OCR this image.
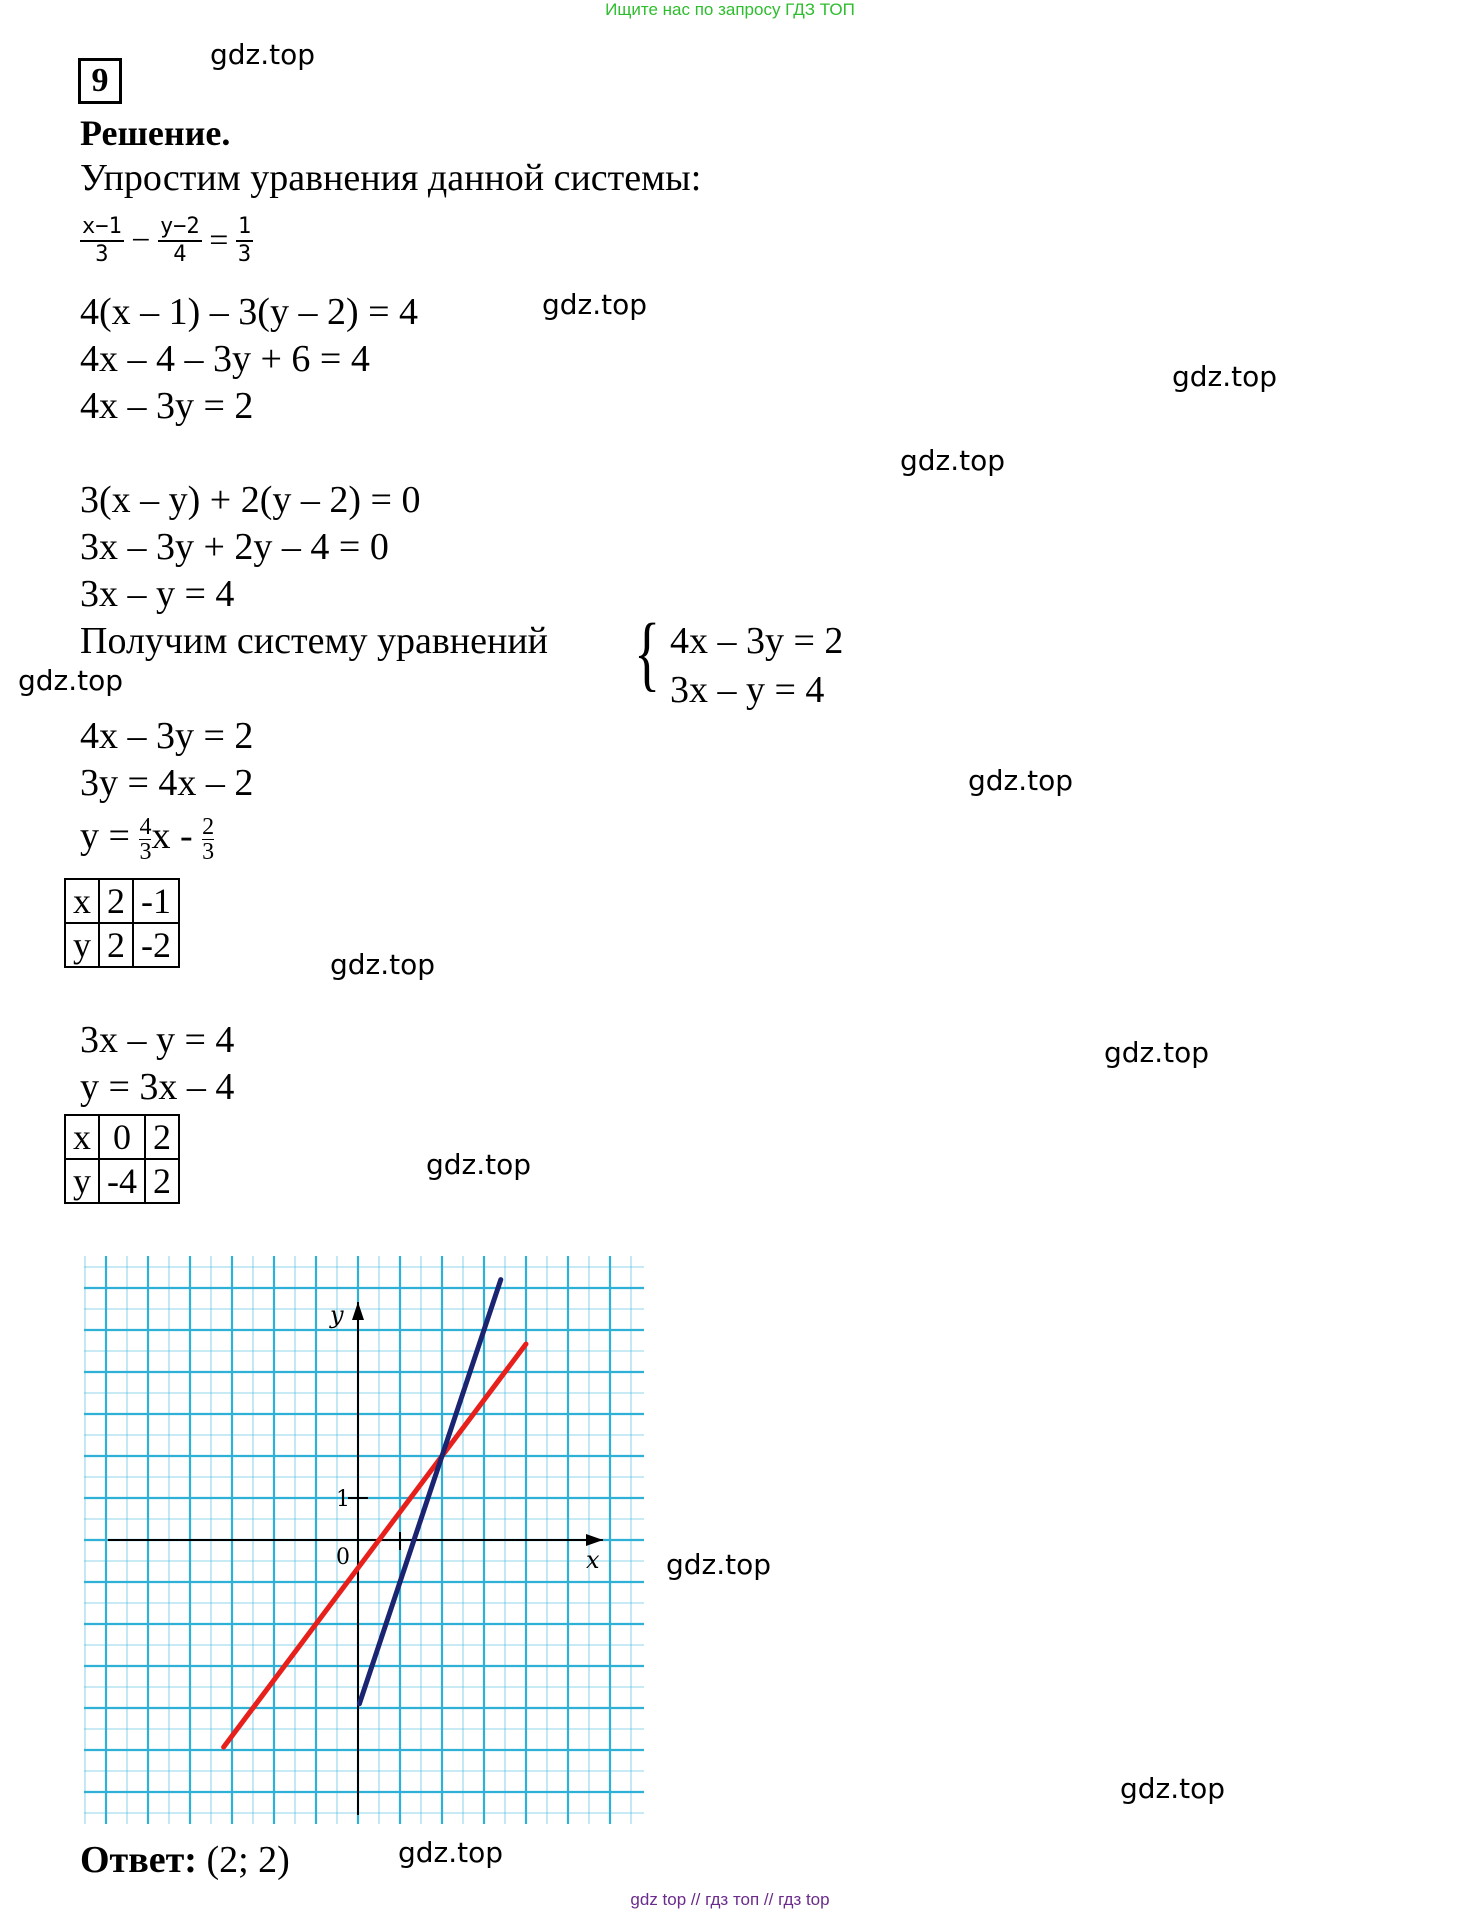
Ищите нас по запросу ГДЗ ТОП
9
Решение.
Упростим уравнения данной системы:
$\frac{x-1}{3} - \frac{y-2}{4} = \frac{1}{3}$
4(x – 1) – 3(y – 2) = 4
4x – 4 – 3y + 6 = 4
4x – 3y = 2
3(x – y) + 2(y – 2) = 0
3x – 3y + 2y – 4 = 0
3x – y = 4
Получим систему уравнений { 4x – 3y = 2
3x – y = 4
4x – 3y = 2
3y = 4x – 2
$y = \frac{4}{3}$ x - $\frac{2}{3}$
x	2	-1
y	2	-2
3x – y = 4
y = 3x – 4
x	0	2
y	-4	2
y
x
0
1
Ответ: (2; 2)
gdz.top
gdz.top
gdz.top
gdz.top
gdz.top
gdz.top
gdz.top
gdz.top
gdz.top
gdz.top
gdz.top
gdz.top
gdz top // гдз топ // гдз top
